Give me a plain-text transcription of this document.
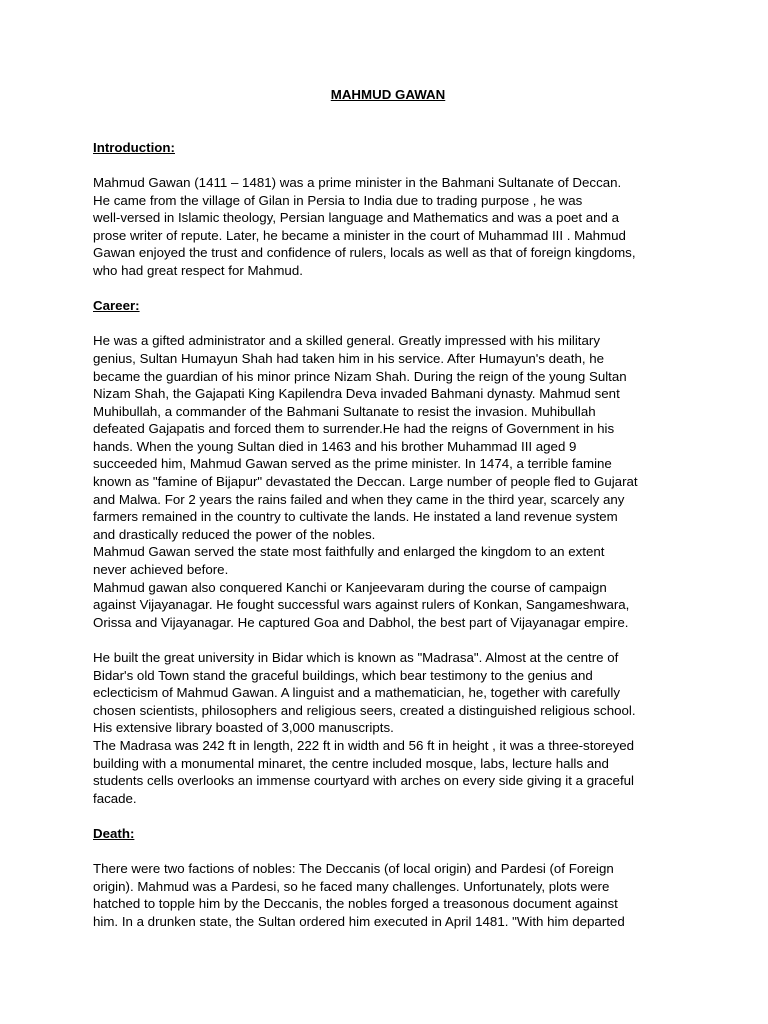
MAHMUD GAWAN

Introduction:

Mahmud Gawan (1411 – 1481) was a prime minister in the Bahmani Sultanate of Deccan.

He came from the village of Gilan in Persia to India due to trading purpose , he was

well-versed in Islamic theology, Persian language and Mathematics and was a poet and a

prose writer of repute. Later, he became a minister in the court of Muhammad III . Mahmud

Gawan enjoyed the trust and confidence of rulers, locals as well as that of foreign kingdoms,

who had great respect for Mahmud.

Career:

He was a gifted administrator and a skilled general. Greatly impressed with his military

genius, Sultan Humayun Shah had taken him in his service. After Humayun's death, he

became the guardian of his minor prince Nizam Shah. During the reign of the young Sultan

Nizam Shah, the Gajapati King Kapilendra Deva invaded Bahmani dynasty. Mahmud sent

Muhibullah, a commander of the Bahmani Sultanate to resist the invasion. Muhibullah

defeated Gajapatis and forced them to surrender.He had the reigns of Government in his

hands. When the young Sultan died in 1463 and his brother Muhammad III aged 9

succeeded him, Mahmud Gawan served as the prime minister. In 1474, a terrible famine

known as "famine of Bijapur" devastated the Deccan. Large number of people fled to Gujarat

and Malwa. For 2 years the rains failed and when they came in the third year, scarcely any

farmers remained in the country to cultivate the lands. He instated a land revenue system

and drastically reduced the power of the nobles.

Mahmud Gawan served the state most faithfully and enlarged the kingdom to an extent

never achieved before.

Mahmud gawan also conquered Kanchi or Kanjeevaram during the course of campaign

against Vijayanagar. He fought successful wars against rulers of Konkan, Sangameshwara,

Orissa and Vijayanagar. He captured Goa and Dabhol, the best part of Vijayanagar empire.

He built the great university in Bidar which is known as "Madrasa". Almost at the centre of

Bidar's old Town stand the graceful buildings, which bear testimony to the genius and

eclecticism of Mahmud Gawan. A linguist and a mathematician, he, together with carefully

chosen scientists, philosophers and religious seers, created a distinguished religious school.

His extensive library boasted of 3,000 manuscripts.

The Madrasa was 242 ft in length, 222 ft in width and 56 ft in height , it was a three-storeyed

building with a monumental minaret, the centre included mosque, labs, lecture halls and

students cells overlooks an immense courtyard with arches on every side giving it a graceful

facade.

Death:

There were two factions of nobles: The Deccanis (of local origin) and Pardesi (of Foreign

origin). Mahmud was a Pardesi, so he faced many challenges. Unfortunately, plots were

hatched to topple him by the Deccanis, the nobles forged a treasonous document against

him. In a drunken state, the Sultan ordered him executed in April 1481. "With him departed
